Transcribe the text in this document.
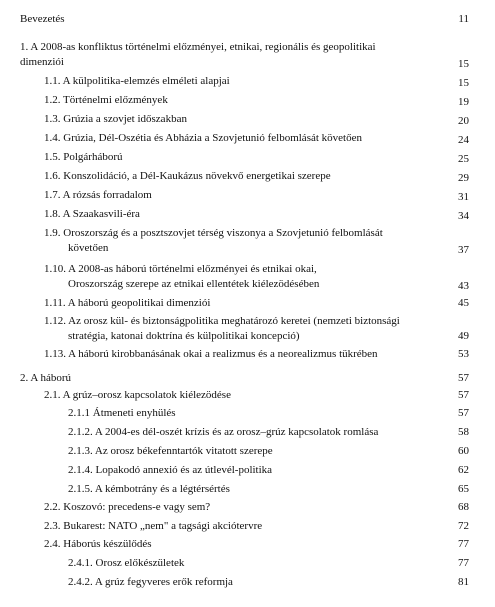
Bevezetés	11
1. A 2008-as konfliktus történelmi előzményei, etnikai, regionális és geopolitikai
dimenziói	15
1.1. A külpolitika-elemzés elméleti alapjai	15
1.2. Történelmi előzmények	19
1.3. Grúzia a szovjet időszakban	20
1.4. Grúzia, Dél-Oszétia és Abházia a Szovjetunió felbomlását követően	24
1.5. Polgárháború	25
1.6. Konszolidáció, a Dél-Kaukázus növekvő energetikai szerepe	29
1.7. A rózsás forradalom	31
1.8. A Szaakasvili-éra	34
1.9. Oroszország és a posztszovjet térség viszonya a Szovjetunió felbomlását
követően	37
1.10. A 2008-as háború történelmi előzményei és etnikai okai,
Oroszország szerepe az etnikai ellentétek kiélezödésében	43
1.11. A háború geopolitikai dimenziói	45
1.12. Az orosz kül- és biztonságpolitika meghatározó keretei (nemzeti biztonsági
stratégia, katonai doktrína és külpolitikai koncepció)	49
1.13. A háború kirobbanásának okai a realizmus és a neorealizmus tükrében	53
2. A háború	57
2.1. A grúz–orosz kapcsolatok kiélezödése	57
2.1.1 Átmeneti enyhülés	57
2.1.2. A 2004-es dél-oszét krízis és az orosz–grúz kapcsolatok romlása	58
2.1.3. Az orosz békefenntartók vitatott szerepe	60
2.1.4. Lopakodó annexió és az útlevél-politika	62
2.1.5. A kémbotrány és a légtérsértés	65
2.2. Koszovó: precedens-e vagy sem?	68
2.3. Bukarest: NATO „nem" a tagsági akciótervre	72
2.4. Háborús készülődés	77
2.4.1. Orosz előkészületek	77
2.4.2. A grúz fegyveres erők reformja	81
